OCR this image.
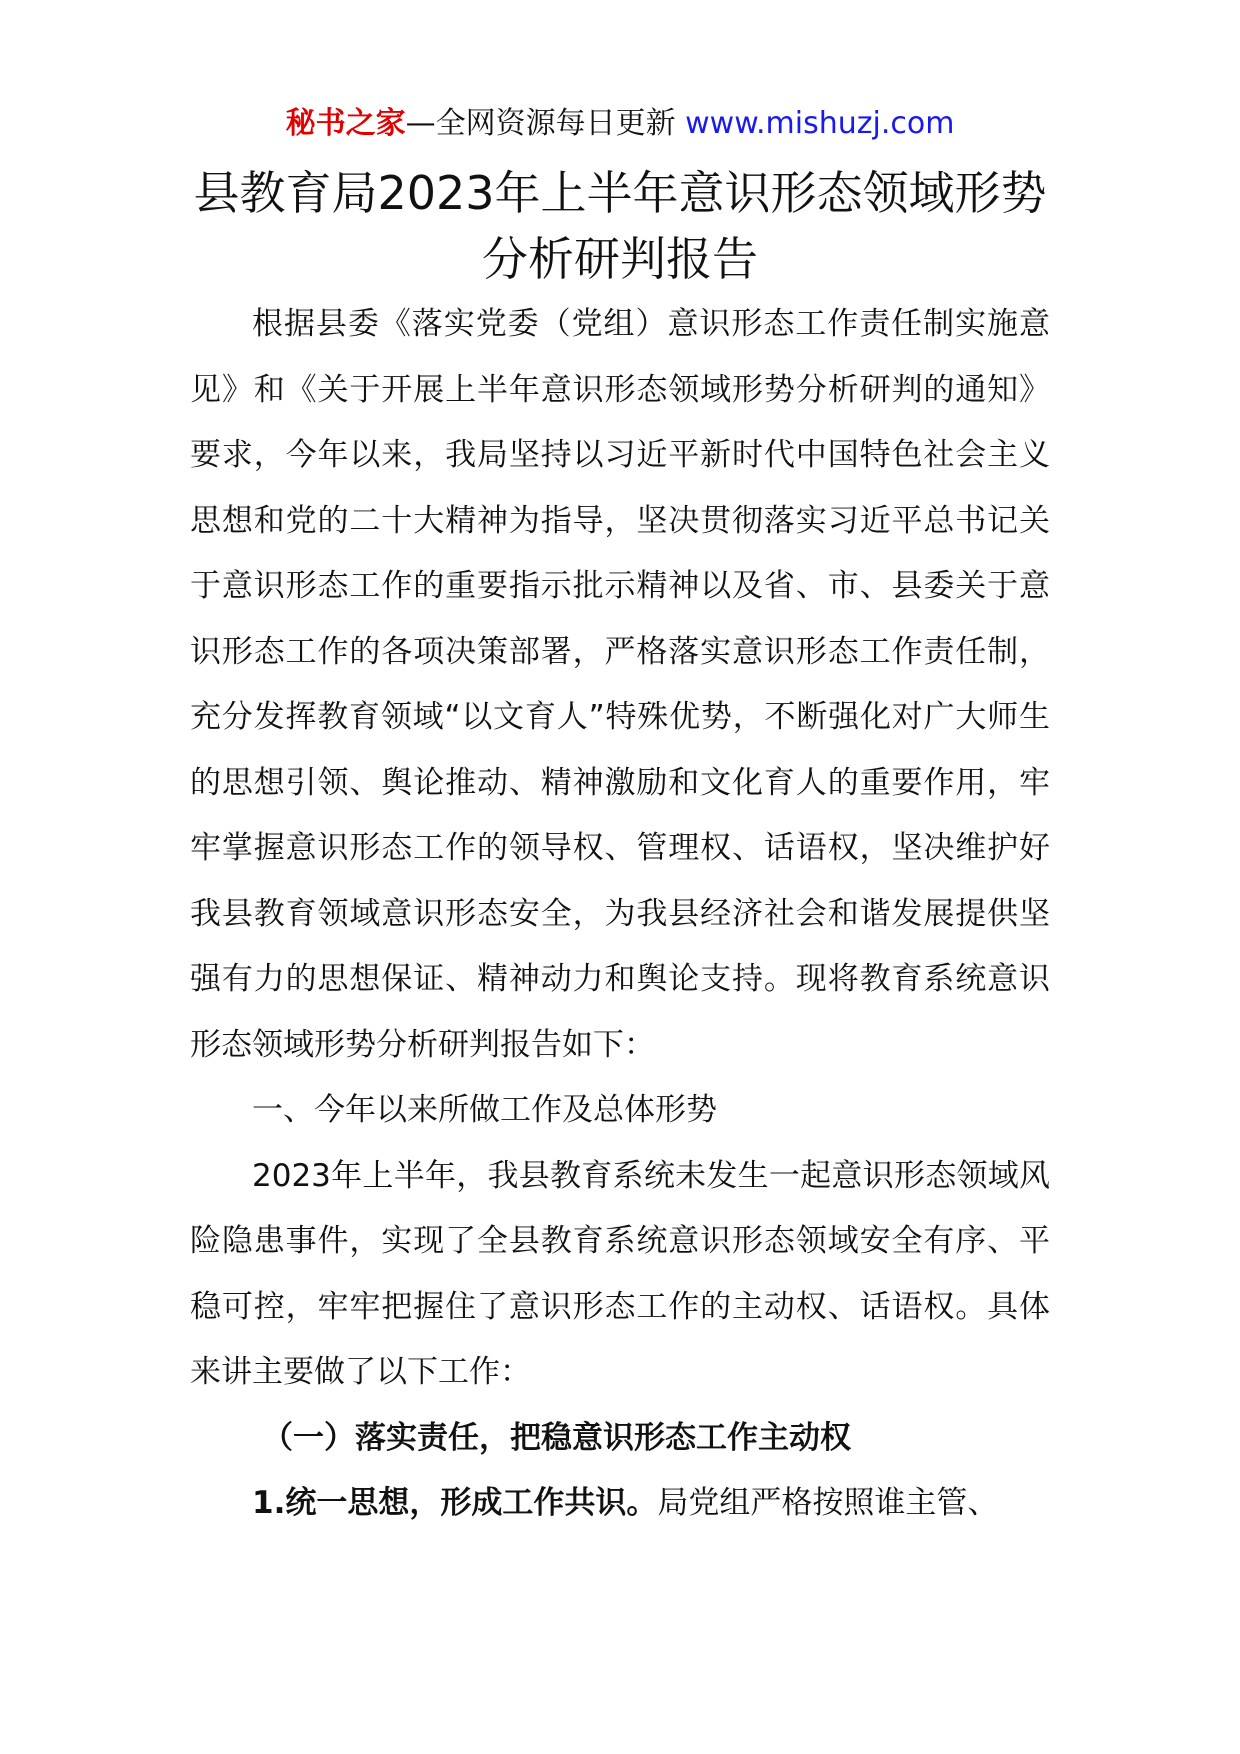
秘书之家—全网资源每日更新 www.mishuzj.com
县教育局2023年上半年意识形态领域形势分析研判报告

根据县委《落实党委（党组）意识形态工作责任制实施意见》和《关于开展上半年意识形态领域形势分析研判的通知》要求，今年以来，我局坚持以习近平新时代中国特色社会主义思想和党的二十大精神为指导，坚决贯彻落实习近平总书记关于意识形态工作的重要指示批示精神以及省、市、县委关于意识形态工作的各项决策部署，严格落实意识形态工作责任制，充分发挥教育领域“以文育人”特殊优势，不断强化对广大师生的思想引领、舆论推动、精神激励和文化育人的重要作用，牢牢掌握意识形态工作的领导权、管理权、话语权，坚决维护好我县教育领域意识形态安全，为我县经济社会和谐发展提供坚强有力的思想保证、精神动力和舆论支持。现将教育系统意识形态领域形势分析研判报告如下：

一、今年以来所做工作及总体形势

2023年上半年，我县教育系统未发生一起意识形态领域风险隐患事件，实现了全县教育系统意识形态领域安全有序、平稳可控，牢牢把握住了意识形态工作的主动权、话语权。具体来讲主要做了以下工作：

（一）落实责任，把稳意识形态工作主动权

1.统一思想，形成工作共识。局党组严格按照谁主管、
